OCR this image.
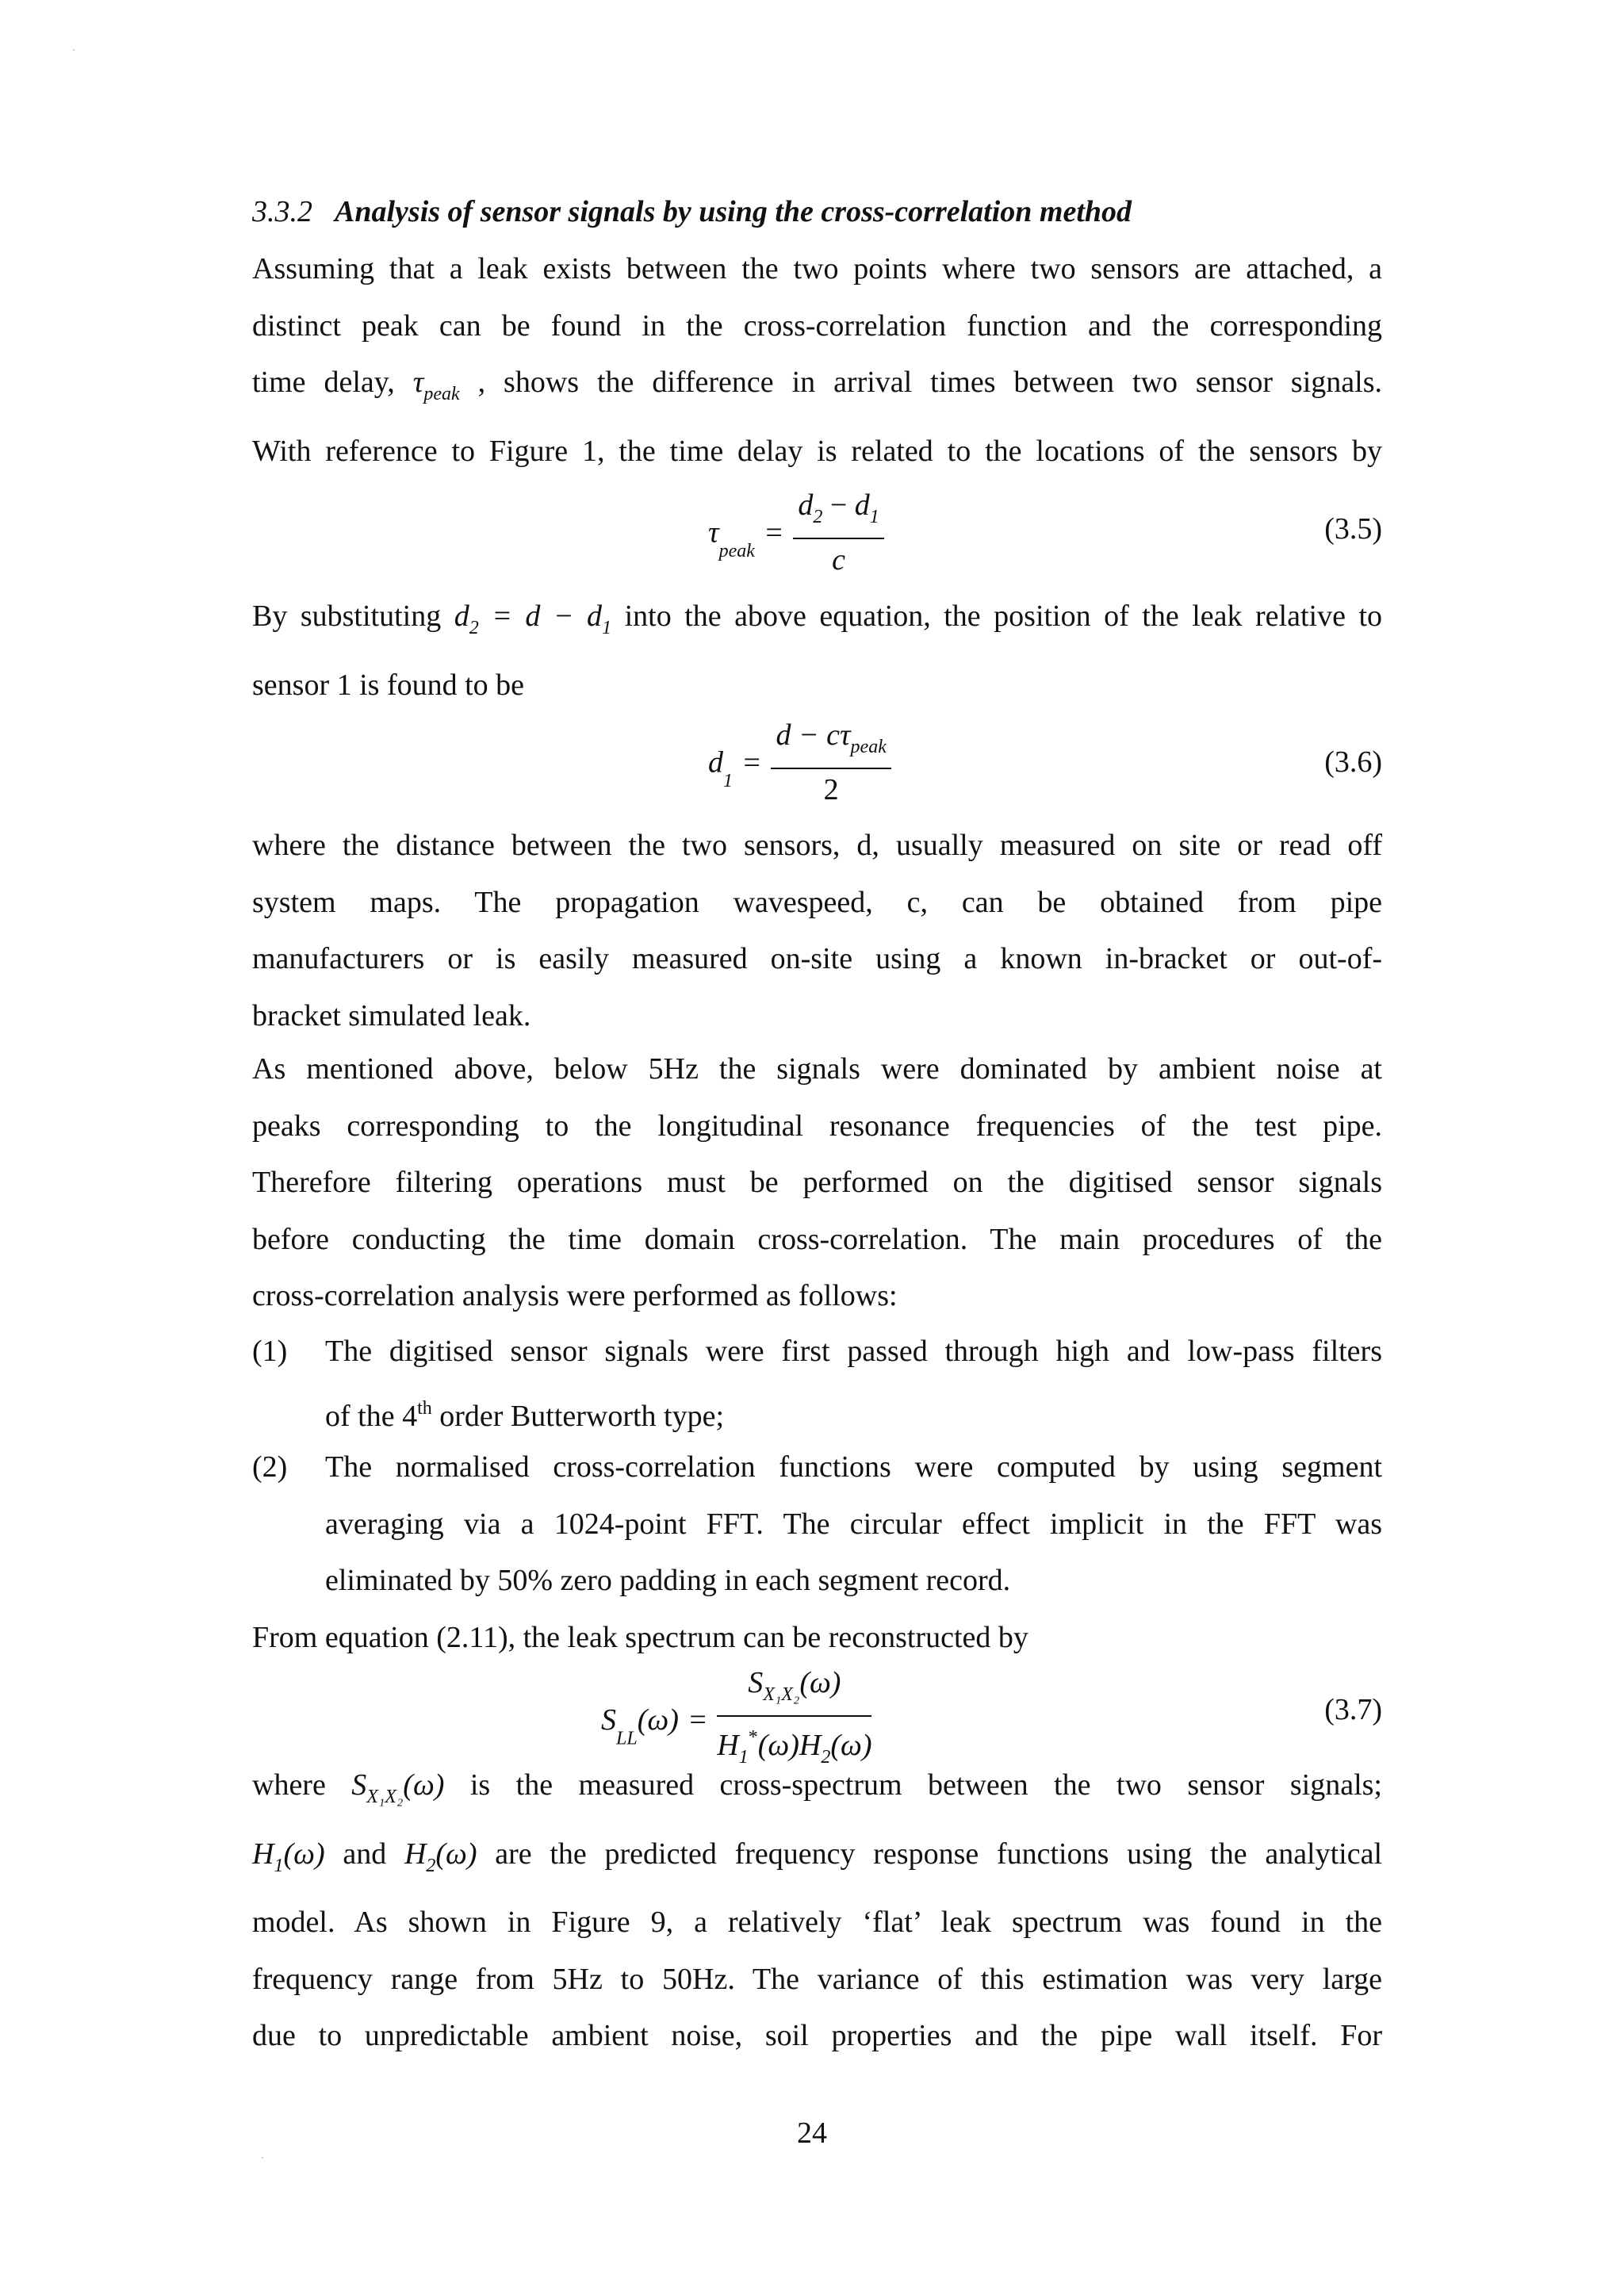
3.3.2 Analysis of sensor signals by using the cross-correlation method
Assuming that a leak exists between the two points where two sensors are attached, a
distinct peak can be found in the cross-correlation function and the corresponding
time delay, $\tau_{peak}$ , shows the difference in arrival times between two sensor signals.
With reference to Figure 1, the time delay is related to the locations of the sensors by
$\tau_{peak} = \frac{d_2 - d_1}{c}$	(3.5)
By substituting $d_2 = d - d_1$ into the above equation, the position of the leak relative to
sensor 1 is found to be
$d_1 = \frac{d - c\tau_{peak}}{2}$	(3.6)
where the distance between the two sensors, d, usually measured on site or read off
system maps. The propagation wavespeed, c, can be obtained from pipe
manufacturers or is easily measured on-site using a known in-bracket or out-of-
bracket simulated leak.
As mentioned above, below 5Hz the signals were dominated by ambient noise at
peaks corresponding to the longitudinal resonance frequencies of the test pipe.
Therefore filtering operations must be performed on the digitised sensor signals
before conducting the time domain cross-correlation. The main procedures of the
cross-correlation analysis were performed as follows:
(1) The digitised sensor signals were first passed through high and low-pass filters
of the 4th order Butterworth type;
(2) The normalised cross-correlation functions were computed by using segment
averaging via a 1024-point FFT. The circular effect implicit in the FFT was
eliminated by 50% zero padding in each segment record.
From equation (2.11), the leak spectrum can be reconstructed by
$S_{LL}(\omega) = \frac{S_{X_1X_2}(\omega)}{H_1^*(\omega)H_2(\omega)}$	(3.7)
where $S_{X_1X_2}(\omega)$ is the measured cross-spectrum between the two sensor signals;
$H_1(\omega)$ and $H_2(\omega)$ are the predicted frequency response functions using the analytical
model. As shown in Figure 9, a relatively ‘flat’ leak spectrum was found in the
frequency range from 5Hz to 50Hz. The variance of this estimation was very large
due to unpredictable ambient noise, soil properties and the pipe wall itself. For
24
